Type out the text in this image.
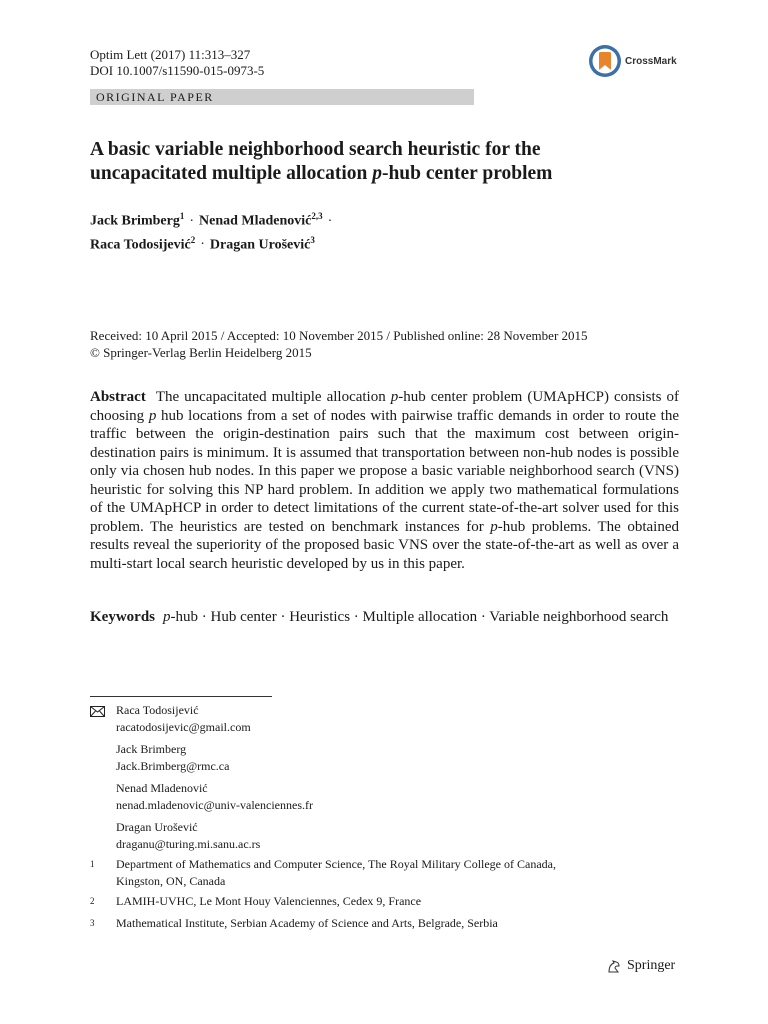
Optim Lett (2017) 11:313–327
DOI 10.1007/s11590-015-0973-5
CrossMark
ORIGINAL PAPER
A basic variable neighborhood search heuristic for the
uncapacitated multiple allocation p-hub center problem
Jack Brimberg$^1$ · Nenad Mladenović$^{2,3}$ ·
Raca Todosijević$^2$ · Dragan Urošević$^3$
Received: 10 April 2015 / Accepted: 10 November 2015 / Published online: 28 November 2015
© Springer-Verlag Berlin Heidelberg 2015
Abstract The uncapacitated multiple allocation p-hub center problem (UMApHCP) consists of choosing p hub locations from a set of nodes with pairwise traffic demands in order to route the traffic between the origin-destination pairs such that the maximum cost between origin-destination pairs is minimum. It is assumed that transportation between non-hub nodes is possible only via chosen hub nodes. In this paper we propose a basic variable neighborhood search (VNS) heuristic for solving this NP hard problem. In addition we apply two mathematical formulations of the UMApHCP in order to detect limitations of the current state-of-the-art solver used for this problem. The heuristics are tested on benchmark instances for p-hub problems. The obtained results reveal the superiority of the proposed basic VNS over the state-of-the-art as well as over a multi-start local search heuristic developed by us in this paper.
Keywords p-hub · Hub center · Heuristics · Multiple allocation · Variable neighborhood search
Raca Todosijević
racatodosijevic@gmail.com
Jack Brimberg
Jack.Brimberg@rmc.ca
Nenad Mladenović
nenad.mladenovic@univ-valenciennes.fr
Dragan Urošević
draganu@turing.mi.sanu.ac.rs
1 Department of Mathematics and Computer Science, The Royal Military College of Canada,
Kingston, ON, Canada
2 LAMIH-UVHC, Le Mont Houy Valenciennes, Cedex 9, France
3 Mathematical Institute, Serbian Academy of Science and Arts, Belgrade, Serbia
Springer
